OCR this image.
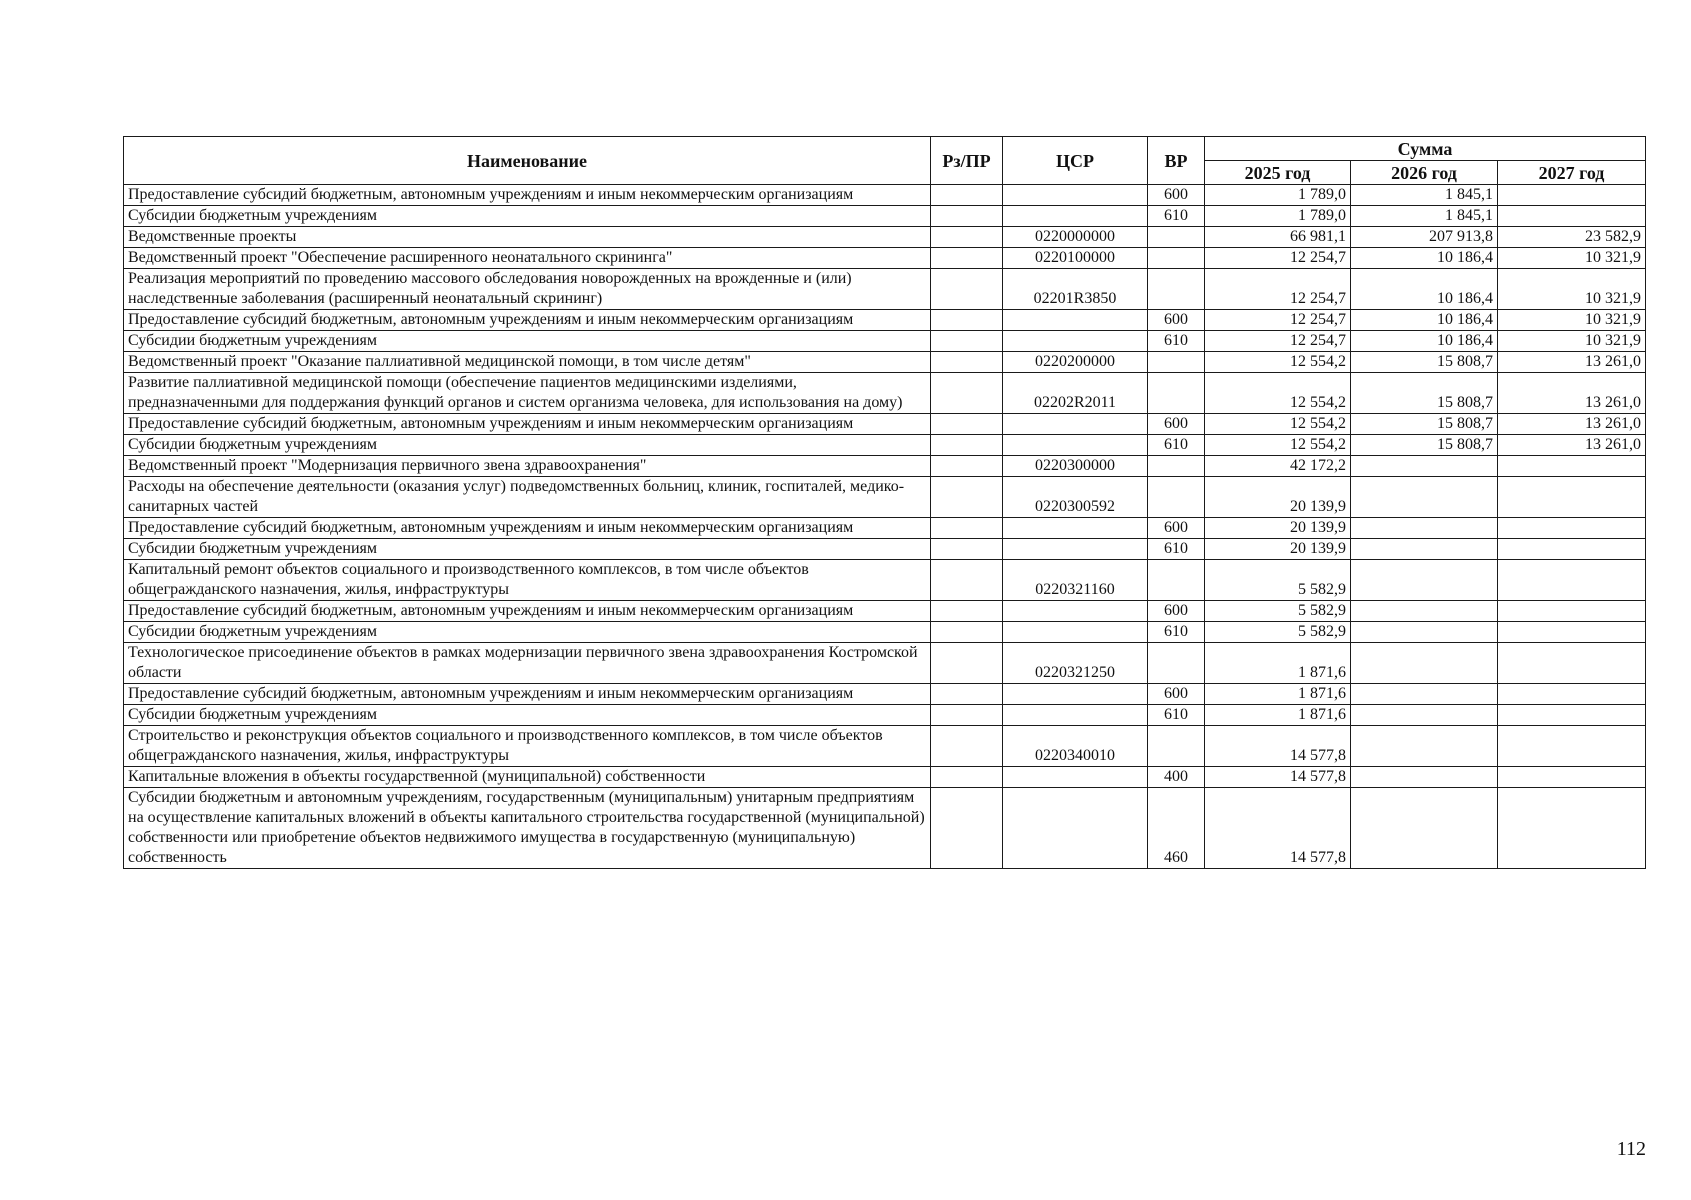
Наименование	Рз/ПР	ЦСР	ВР	Сумма		
				2025 год	2026 год	2027 год
Предоставление субсидий бюджетным, автономным учреждениям и иным некоммерческим организациям			600	1 789,0	1 845,1	
Субсидии бюджетным учреждениям			610	1 789,0	1 845,1	
Ведомственные проекты		0220000000		66 981,1	207 913,8	23 582,9
Ведомственный проект "Обеспечение расширенного неонатального скрининга"		0220100000		12 254,7	10 186,4	10 321,9
Реализация мероприятий по проведению массового обследования новорожденных на врожденные и (или) наследственные заболевания (расширенный неонатальный скрининг)		02201R3850		12 254,7	10 186,4	10 321,9
Предоставление субсидий бюджетным, автономным учреждениям и иным некоммерческим организациям			600	12 254,7	10 186,4	10 321,9
Субсидии бюджетным учреждениям			610	12 254,7	10 186,4	10 321,9
Ведомственный проект "Оказание паллиативной медицинской помощи, в том числе детям"		0220200000		12 554,2	15 808,7	13 261,0
Развитие паллиативной медицинской помощи (обеспечение пациентов медицинскими изделиями, предназначенными для поддержания функций органов и систем организма человека, для использования на дому)		02202R2011		12 554,2	15 808,7	13 261,0
Предоставление субсидий бюджетным, автономным учреждениям и иным некоммерческим организациям			600	12 554,2	15 808,7	13 261,0
Субсидии бюджетным учреждениям			610	12 554,2	15 808,7	13 261,0
Ведомственный проект "Модернизация первичного звена здравоохранения"		0220300000		42 172,2		
Расходы на обеспечение деятельности (оказания услуг) подведомственных больниц, клиник, госпиталей, медико-санитарных частей		0220300592		20 139,9		
Предоставление субсидий бюджетным, автономным учреждениям и иным некоммерческим организациям			600	20 139,9		
Субсидии бюджетным учреждениям			610	20 139,9		
Капитальный ремонт объектов социального и производственного комплексов, в том числе объектов общегражданского назначения, жилья, инфраструктуры		0220321160		5 582,9		
Предоставление субсидий бюджетным, автономным учреждениям и иным некоммерческим организациям			600	5 582,9		
Субсидии бюджетным учреждениям			610	5 582,9		
Технологическое присоединение объектов в рамках модернизации первичного звена здравоохранения Костромской области		0220321250		1 871,6		
Предоставление субсидий бюджетным, автономным учреждениям и иным некоммерческим организациям			600	1 871,6		
Субсидии бюджетным учреждениям			610	1 871,6		
Строительство и реконструкция объектов социального и производственного комплексов, в том числе объектов общегражданского назначения, жилья, инфраструктуры		0220340010		14 577,8		
Капитальные вложения в объекты государственной (муниципальной) собственности			400	14 577,8		
Субсидии бюджетным и автономным учреждениям, государственным (муниципальным) унитарным предприятиям на осуществление капитальных вложений в объекты капитального строительства государственной (муниципальной) собственности или приобретение объектов недвижимого имущества в государственную (муниципальную) собственность			460	14 577,8		
112
